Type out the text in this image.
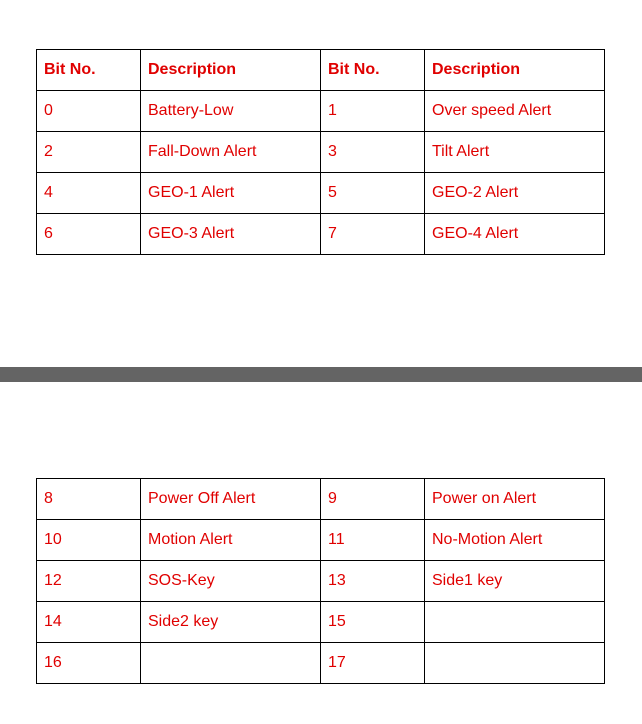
Bit No.	Description	Bit No.	Description
0	Battery-Low	1	Over speed Alert
2	Fall-Down Alert	3	Tilt Alert
4	GEO-1 Alert	5	GEO-2 Alert
6	GEO-3 Alert	7	GEO-4 Alert
8	Power Off Alert	9	Power on Alert
10	Motion Alert	11	No-Motion Alert
12	SOS-Key	13	Side1 key
14	Side2 key	15	
16		17	
